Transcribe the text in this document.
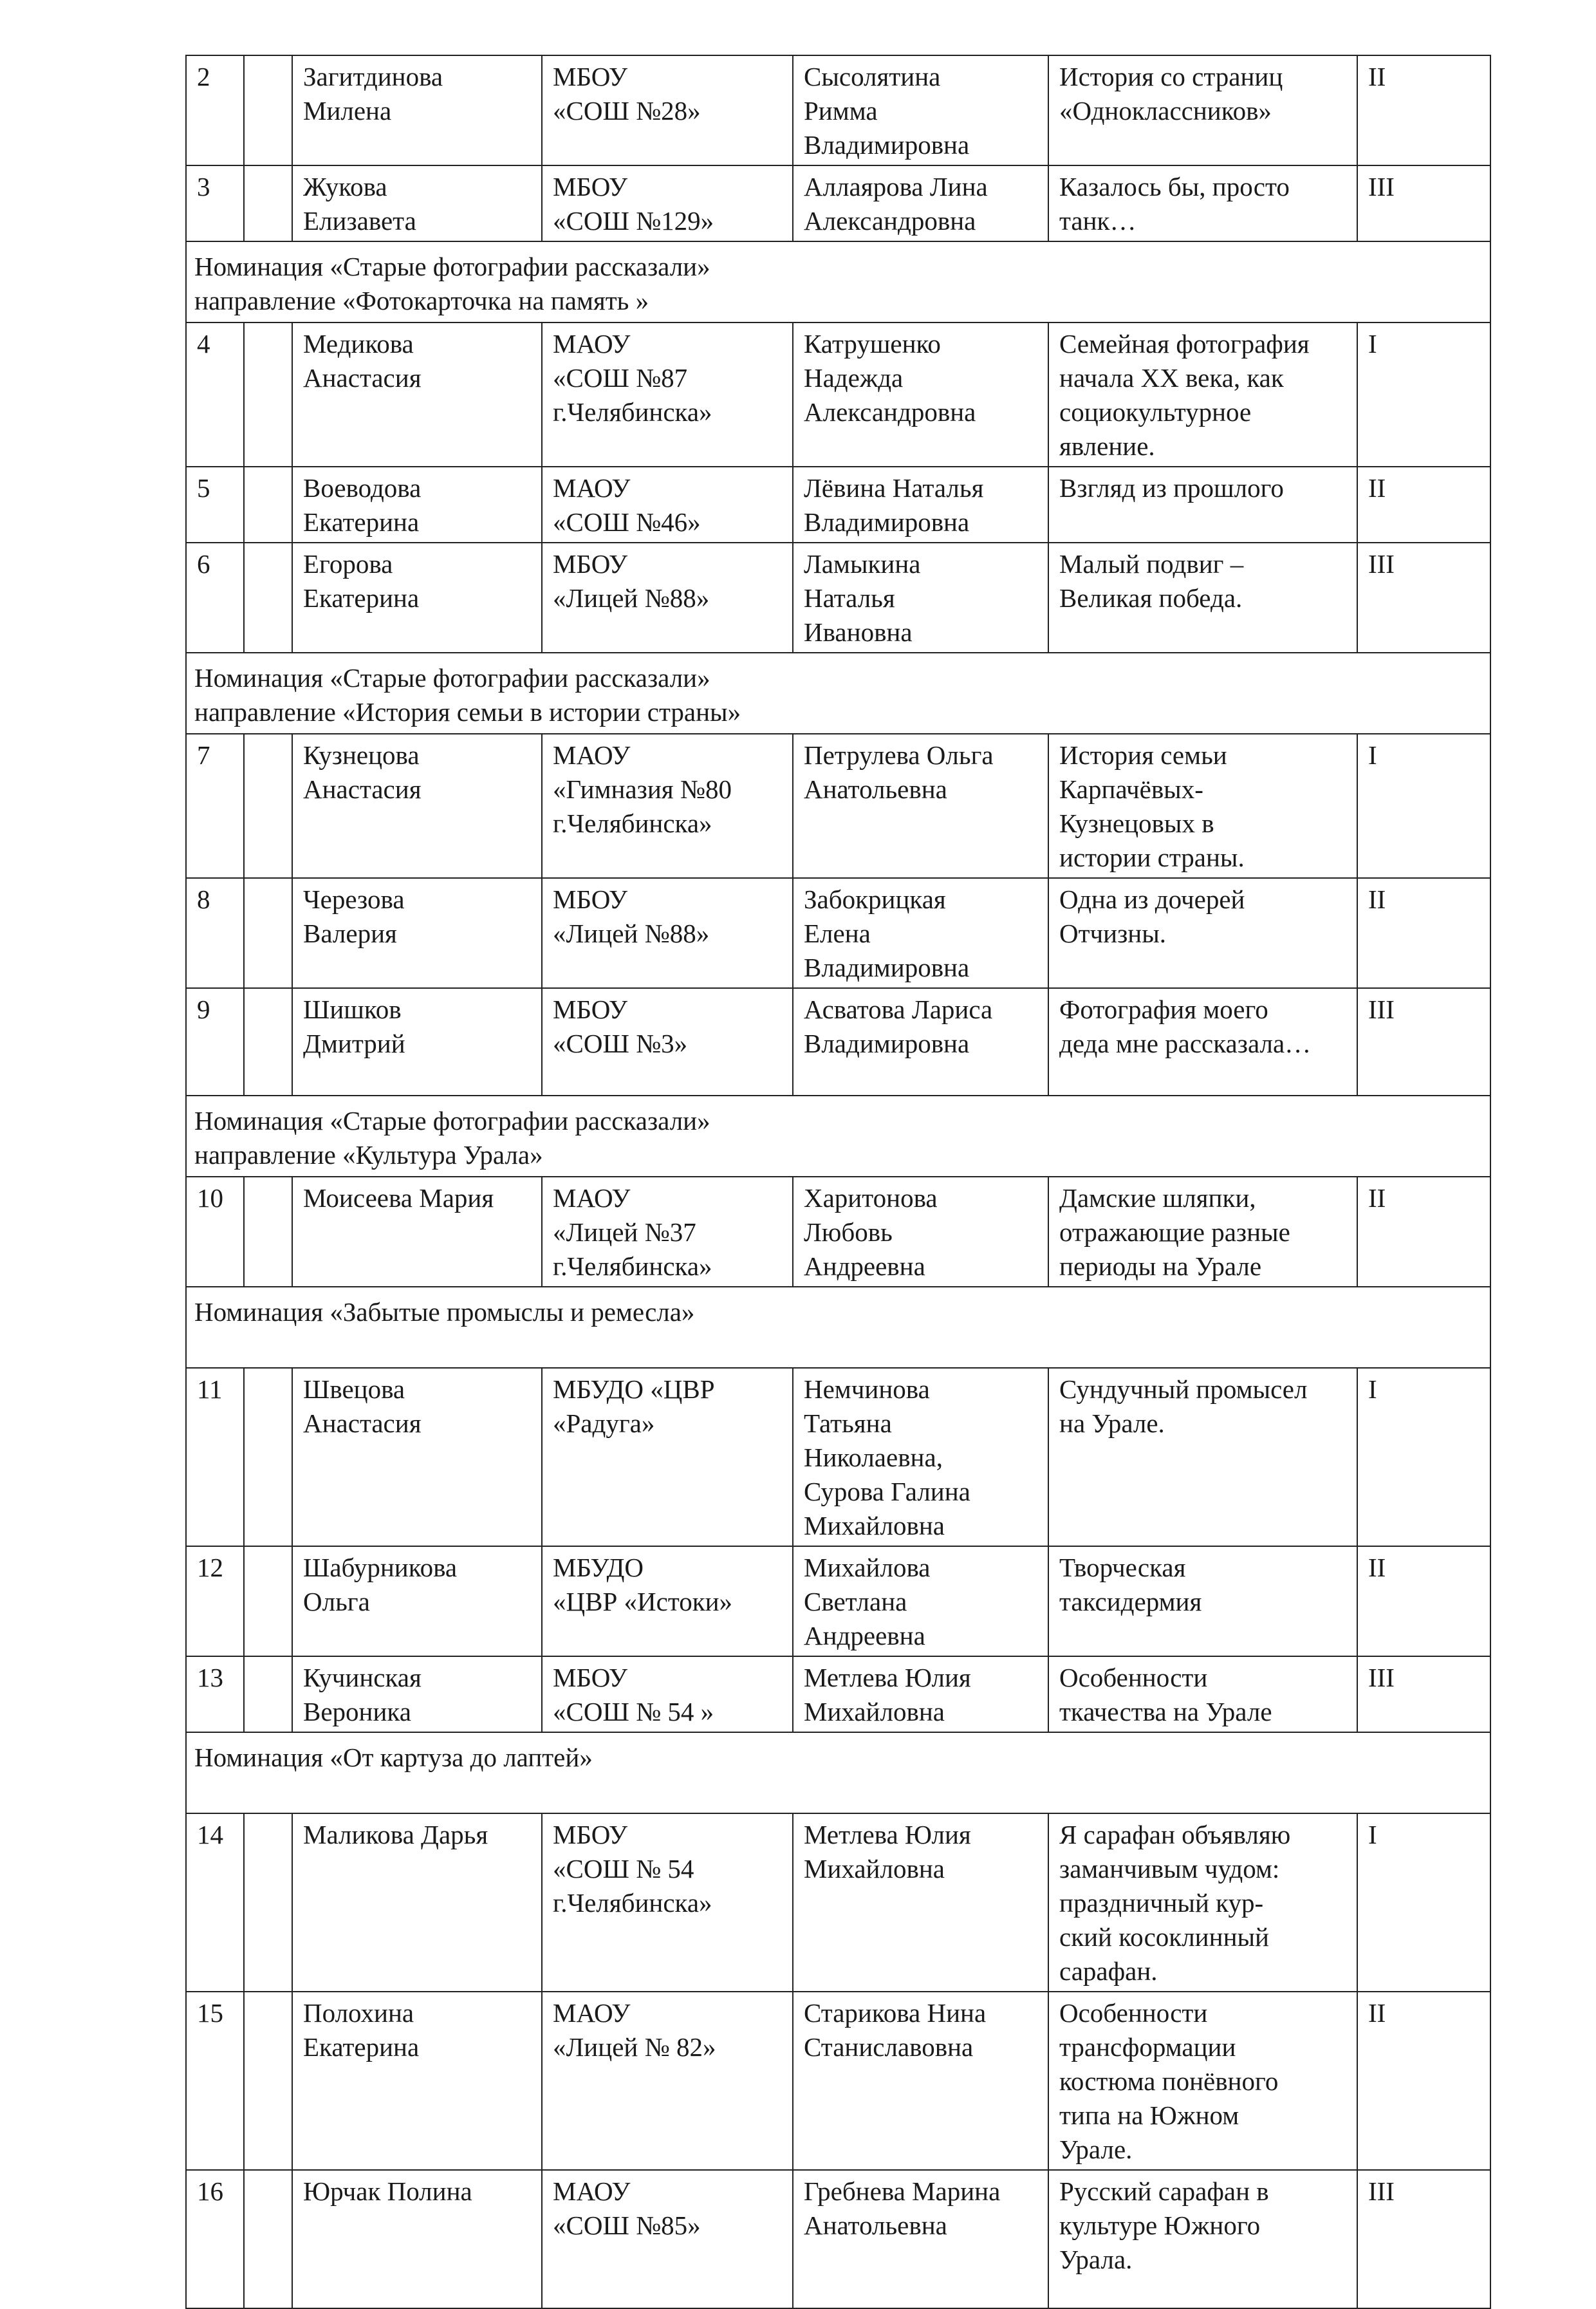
2		Загитдинова
Милена	МБОУ
«СОШ №28»	Сысолятина
Римма
Владимировна	История со страниц
«Одноклассников»	II
3		Жукова
Елизавета	МБОУ
«СОШ №129»	Аллаярова Лина
Александровна	Казалось бы, просто
танк…	III

Номинация «Старые фотографии рассказали»
направление «Фотокарточка на память »						

4		Медикова
Анастасия	МАОУ
«СОШ №87
г.Челябинска»	Катрушенко
Надежда
Александровна	Семейная фотография
начала XX века, как
социокультурное
явление.	I
5		Воеводова
Екатерина	МАОУ
«СОШ №46»	Лёвина Наталья
Владимировна	Взгляд из прошлого	II
6		Егорова
Екатерина	МБОУ
«Лицей №88»	Ламыкина
Наталья
Ивановна	Малый подвиг –
Великая победа.	III

Номинация «Старые фотографии рассказали»
направление «История семьи в истории страны»						

7		Кузнецова
Анастасия	МАОУ
«Гимназия №80
г.Челябинска»	Петрулева Ольга
Анатольевна	История семьи
Карпачёвых-
Кузнецовых в
истории страны.	I
8		Черезова
Валерия	МБОУ
«Лицей №88»	Забокрицкая
Елена
Владимировна	Одна из дочерей
Отчизны.	II
9		Шишков
Дмитрий	МБОУ
«СОШ №3»	Асватова Лариса
Владимировна	Фотография моего
деда мне рассказала…	III

Номинация «Старые фотографии рассказали»
направление «Культура Урала»						

10		Моисеева Мария	МАОУ
«Лицей №37
г.Челябинска»	Харитонова
Любовь
Андреевна	Дамские шляпки,
отражающие разные
периоды на Урале	II

Номинация «Забытые промыслы и ремесла»						

11		Швецова
Анастасия	МБУДО «ЦВР
«Радуга»	Немчинова
Татьяна
Николаевна,
Сурова Галина
Михайловна	Сундучный промысел
на Урале.	I
12		Шабурникова
Ольга	МБУДО
«ЦВР «Истоки»	Михайлова
Светлана
Андреевна	Творческая
таксидермия	II
13		Кучинская
Вероника	МБОУ
«СОШ № 54 »	Метлева Юлия
Михайловна	Особенности
ткачества на Урале	III

Номинация «От картуза до лаптей»						

14		Маликова Дарья	МБОУ
«СОШ № 54
г.Челябинска»	Метлева Юлия
Михайловна	Я сарафан объявляю
заманчивым чудом:
праздничный кур-
ский косоклинный
сарафан.	I
15		Полохина
Екатерина	МАОУ
«Лицей № 82»	Старикова Нина
Станиславовна	Особенности
трансформации
костюма понёвного
типа на Южном
Урале.	II
16		Юрчак Полина	МАОУ
«СОШ №85»	Гребнева Марина
Анатольевна	Русский сарафан в
культуре Южного
Урала.	III
